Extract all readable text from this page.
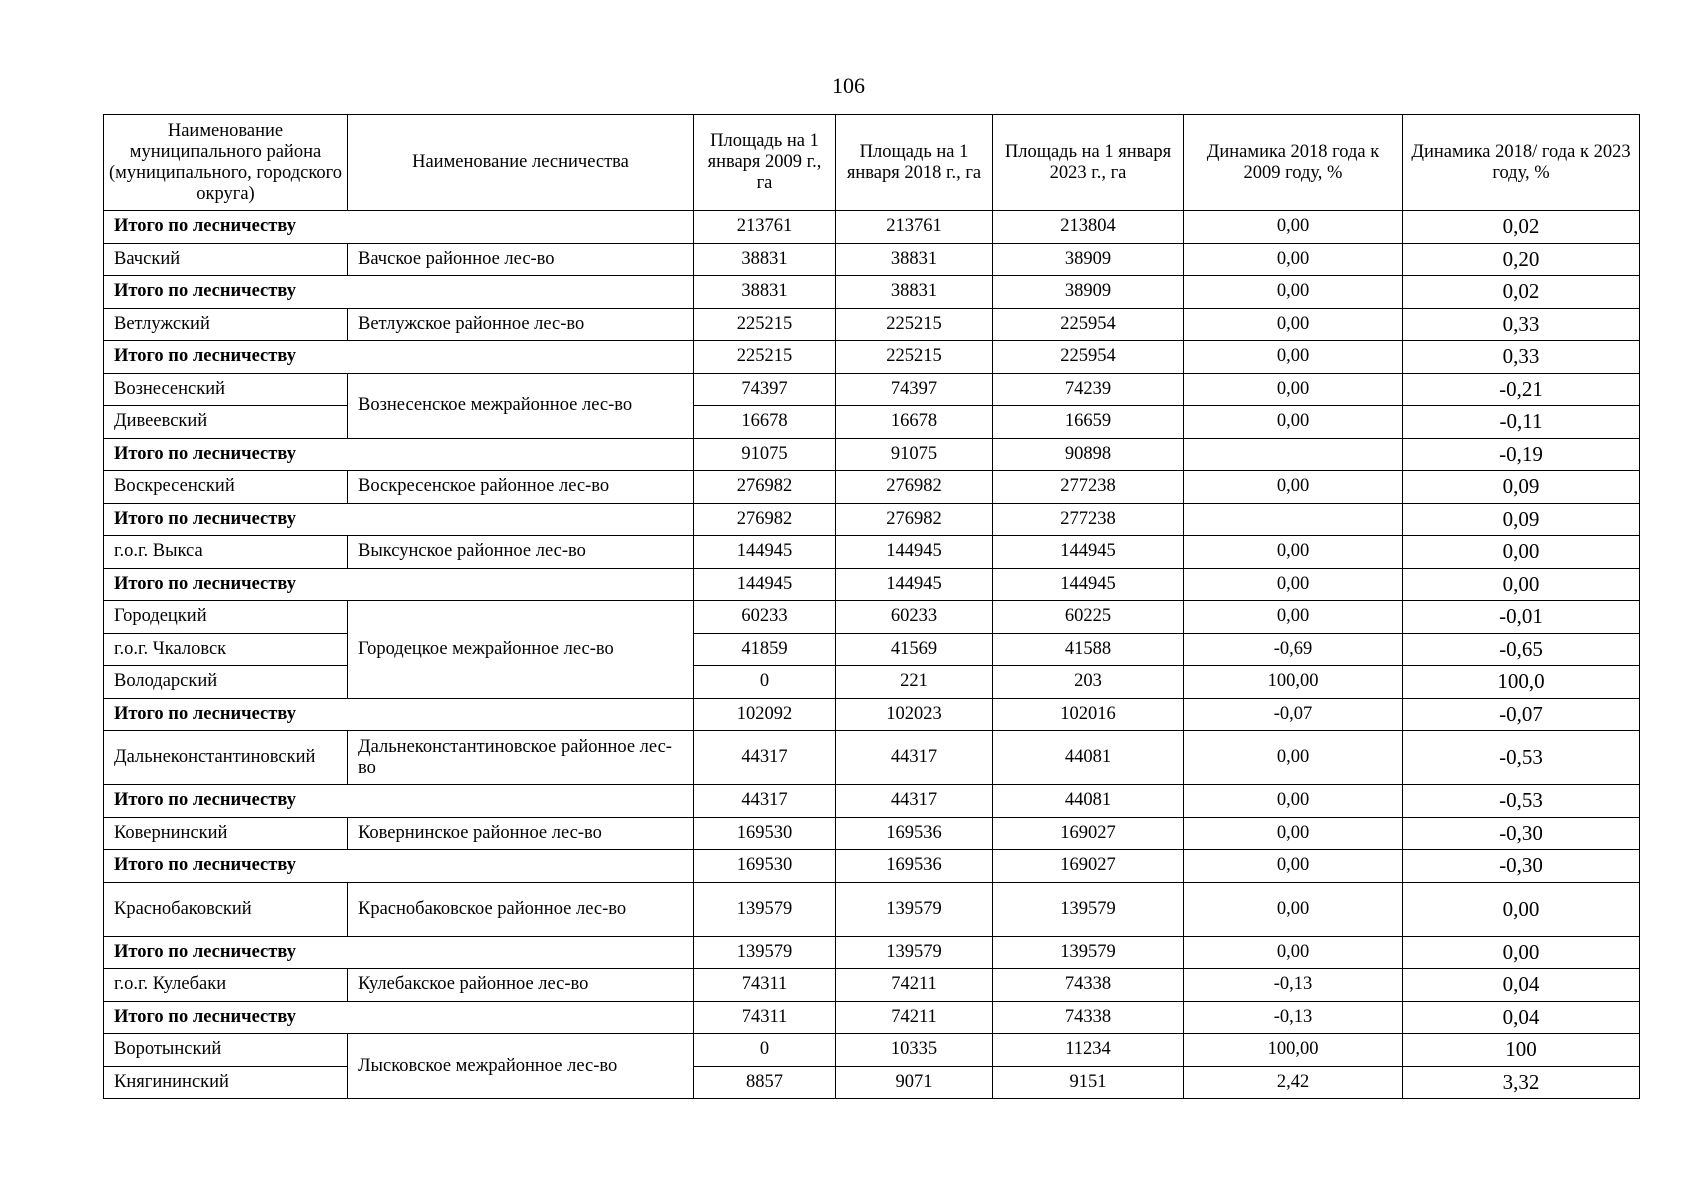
106
Наименование муниципального района (муниципального, городского округа)	Наименование лесничества	Площадь на 1 января 2009 г., га	Площадь на 1 января 2018 г., га	Площадь на 1 января 2023 г., га	Динамика 2018 года к 2009 году, %	Динамика 2018/ года к 2023 году, %
Итого по лесничеству		213761	213761	213804	0,00	0,02
Вачский	Вачское районное лес-во	38831	38831	38909	0,00	0,20
Итого по лесничеству		38831	38831	38909	0,00	0,02
Ветлужский	Ветлужское районное лес-во	225215	225215	225954	0,00	0,33
Итого по лесничеству		225215	225215	225954	0,00	0,33
Вознесенский	Вознесенское межрайонное лес-во	74397	74397	74239	0,00	-0,21
Дивеевский		16678	16678	16659	0,00	-0,11
Итого по лесничеству		91075	91075	90898		-0,19
Воскресенский	Воскресенское районное лес-во	276982	276982	277238	0,00	0,09
Итого по лесничеству		276982	276982	277238		0,09
г.о.г. Выкса	Выксунское районное лес-во	144945	144945	144945	0,00	0,00
Итого по лесничеству		144945	144945	144945	0,00	0,00
Городецкий	Городецкое межрайонное лес-во	60233	60233	60225	0,00	-0,01
г.о.г. Чкаловск		41859	41569	41588	-0,69	-0,65
Володарский		0	221	203	100,00	100,0
Итого по лесничеству		102092	102023	102016	-0,07	-0,07
Дальнеконстантиновский	Дальнеконстантиновское районное лес-во	44317	44317	44081	0,00	-0,53
Итого по лесничеству		44317	44317	44081	0,00	-0,53
Ковернинский	Ковернинское районное лес-во	169530	169536	169027	0,00	-0,30
Итого по лесничеству		169530	169536	169027	0,00	-0,30
Краснобаковский	Краснобаковское районное лес-во	139579	139579	139579	0,00	0,00
Итого по лесничеству		139579	139579	139579	0,00	0,00
г.о.г. Кулебаки	Кулебакское районное лес-во	74311	74211	74338	-0,13	0,04
Итого по лесничеству		74311	74211	74338	-0,13	0,04
Воротынский	Лысковское межрайонное лес-во	0	10335	11234	100,00	100
Княгининский		8857	9071	9151	2,42	3,32
